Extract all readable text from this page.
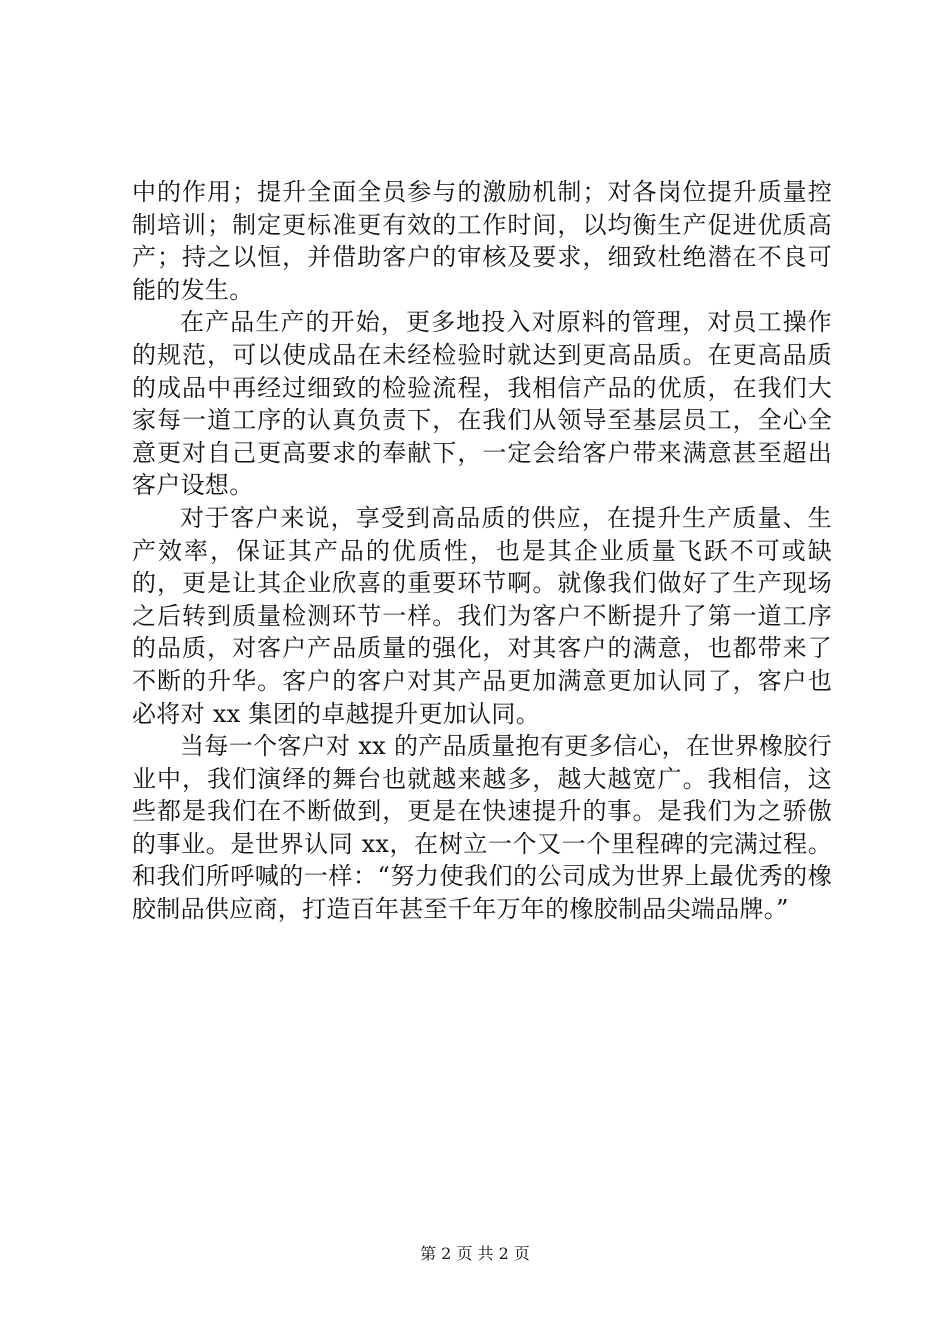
中的作用；提升全面全员参与的激励机制；对各岗位提升质量控制培训；制定更标准更有效的工作时间，以均衡生产促进优质高产；持之以恒，并借助客户的审核及要求，细致杜绝潜在不良可能的发生。

在产品生产的开始，更多地投入对原料的管理，对员工操作的规范，可以使成品在未经检验时就达到更高品质。在更高品质的成品中再经过细致的检验流程，我相信产品的优质，在我们大家每一道工序的认真负责下，在我们从领导至基层员工，全心全意更对自己更高要求的奉献下，一定会给客户带来满意甚至超出客户设想。

对于客户来说，享受到高品质的供应，在提升生产质量、生产效率，保证其产品的优质性，也是其企业质量飞跃不可或缺的，更是让其企业欣喜的重要环节啊。就像我们做好了生产现场之后转到质量检测环节一样。我们为客户不断提升了第一道工序的品质，对客户产品质量的强化，对其客户的满意，也都带来了不断的升华。客户的客户对其产品更加满意更加认同了，客户也必将对 xx 集团的卓越提升更加认同。

当每一个客户对 xx 的产品质量抱有更多信心，在世界橡胶行业中，我们演绎的舞台也就越来越多，越大越宽广。我相信，这些都是我们在不断做到，更是在快速提升的事。是我们为之骄傲的事业。是世界认同 xx，在树立一个又一个里程碑的完满过程。和我们所呼喊的一样：“努力使我们的公司成为世界上最优秀的橡胶制品供应商，打造百年甚至千年万年的橡胶制品尖端品牌。”

第 2 页 共 2 页
